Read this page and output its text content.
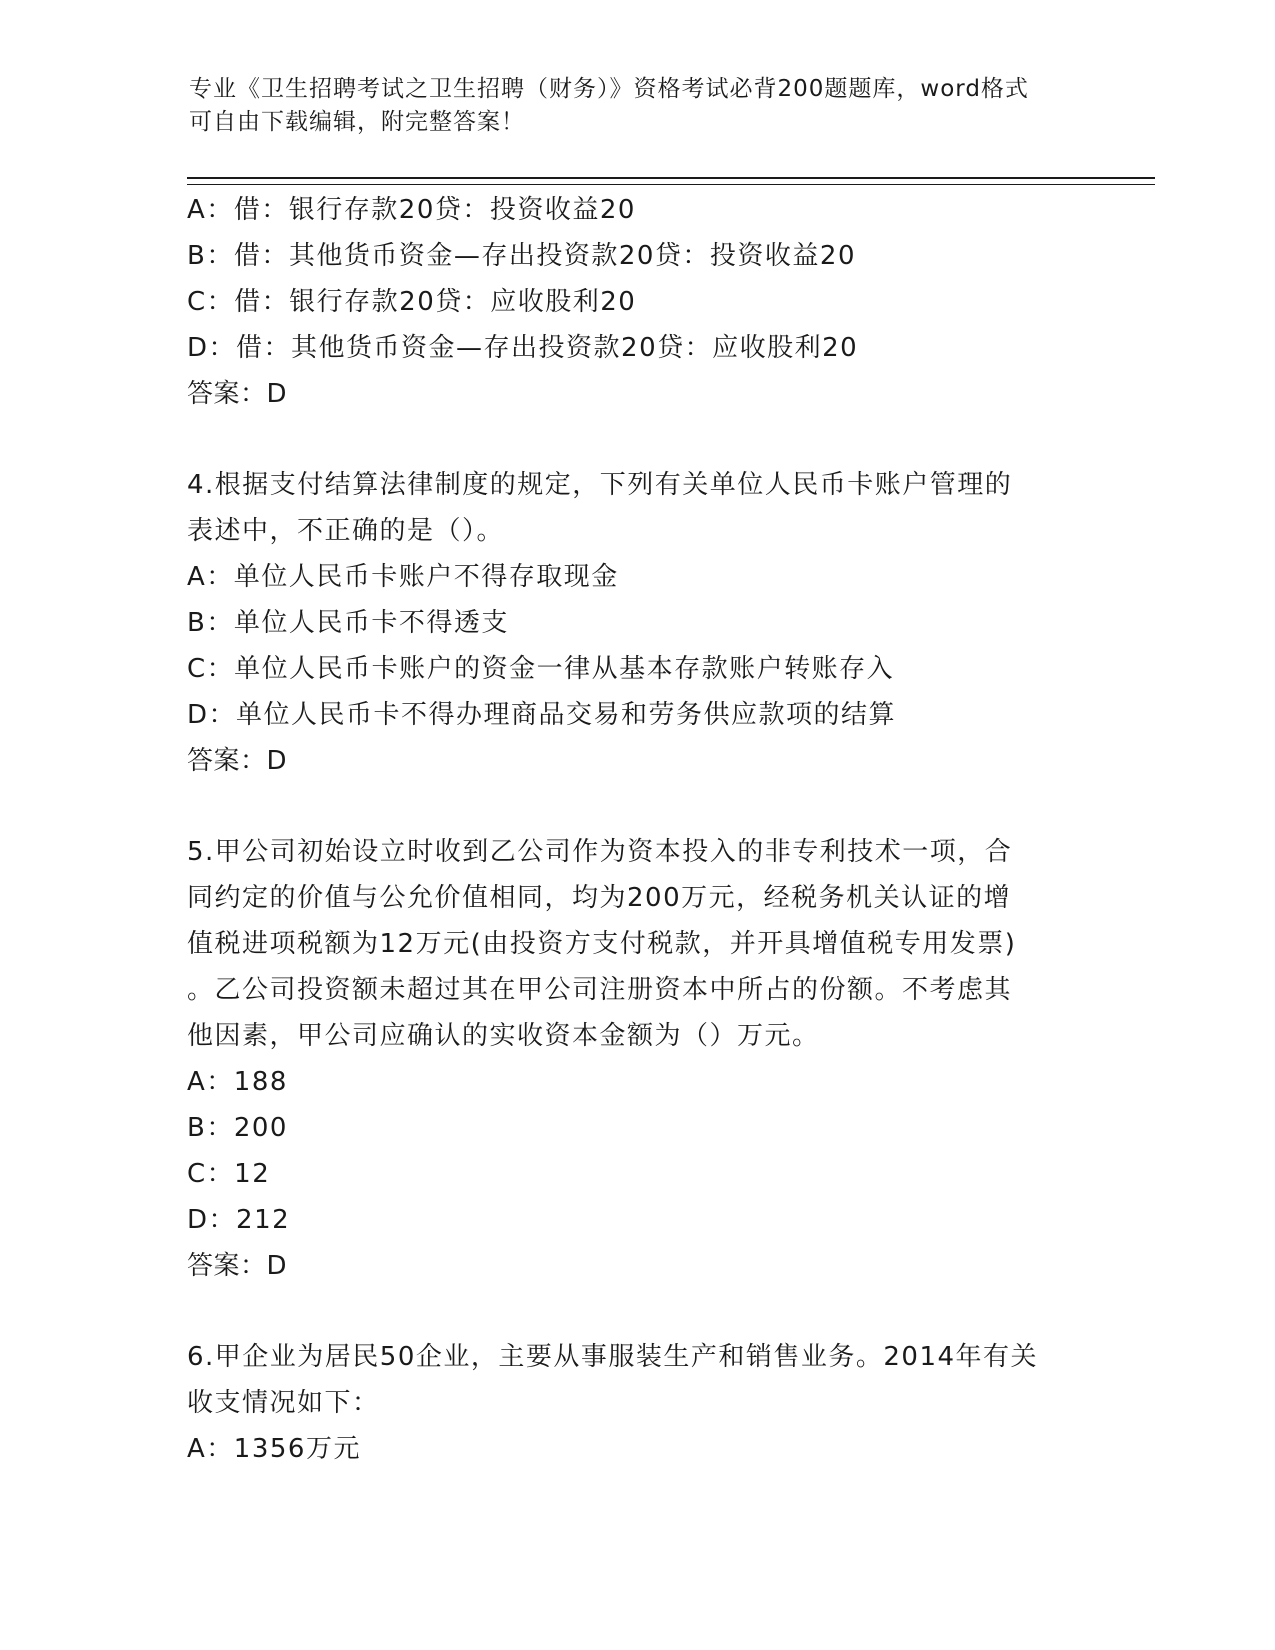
专业《卫生招聘考试之卫生招聘（财务）》资格考试必背200题题库，word格式
可自由下载编辑，附完整答案！
A：借：银行存款20贷：投资收益20
B：借：其他货币资金—存出投资款20贷：投资收益20
C：借：银行存款20贷：应收股利20
D：借：其他货币资金—存出投资款20贷：应收股利20
答案：D
4.根据支付结算法律制度的规定，下列有关单位人民币卡账户管理的
表述中，不正确的是（）。
A：单位人民币卡账户不得存取现金
B：单位人民币卡不得透支
C：单位人民币卡账户的资金一律从基本存款账户转账存入
D：单位人民币卡不得办理商品交易和劳务供应款项的结算
答案：D
5.甲公司初始设立时收到乙公司作为资本投入的非专利技术一项，合
同约定的价值与公允价值相同，均为200万元，经税务机关认证的增
值税进项税额为12万元(由投资方支付税款，并开具增值税专用发票)
。乙公司投资额未超过其在甲公司注册资本中所占的份额。不考虑其
他因素，甲公司应确认的实收资本金额为（）万元。
A：188
B：200
C：12
D：212
答案：D
6.甲企业为居民50企业，主要从事服装生产和销售业务。2014年有关
收支情况如下：
A：1356万元
